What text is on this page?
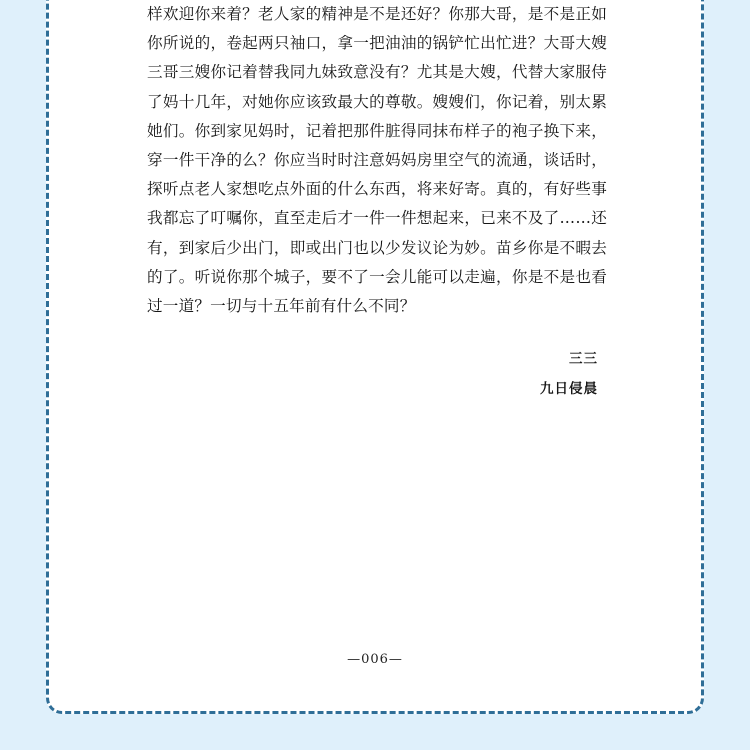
样欢迎你来着？老人家的精神是不是还好？你那大哥，是不是正如
你所说的，卷起两只袖口，拿一把油油的锅铲忙出忙进？大哥大嫂
三哥三嫂你记着替我同九妹致意没有？尤其是大嫂，代替大家服侍
了妈十几年，对她你应该致最大的尊敬。嫂嫂们，你记着，别太累
她们。你到家见妈时，记着把那件脏得同抹布样子的袍子换下来，
穿一件干净的么？你应当时时注意妈妈房里空气的流通，谈话时，
探听点老人家想吃点外面的什么东西，将来好寄。真的，有好些事
我都忘了叮嘱你，直至走后才一件一件想起来，已来不及了……还
有，到家后少出门，即或出门也以少发议论为妙。苗乡你是不暇去
的了。听说你那个城子，要不了一会儿能可以走遍，你是不是也看
过一道？一切与十五年前有什么不同？
三三
九日侵晨
—006—
